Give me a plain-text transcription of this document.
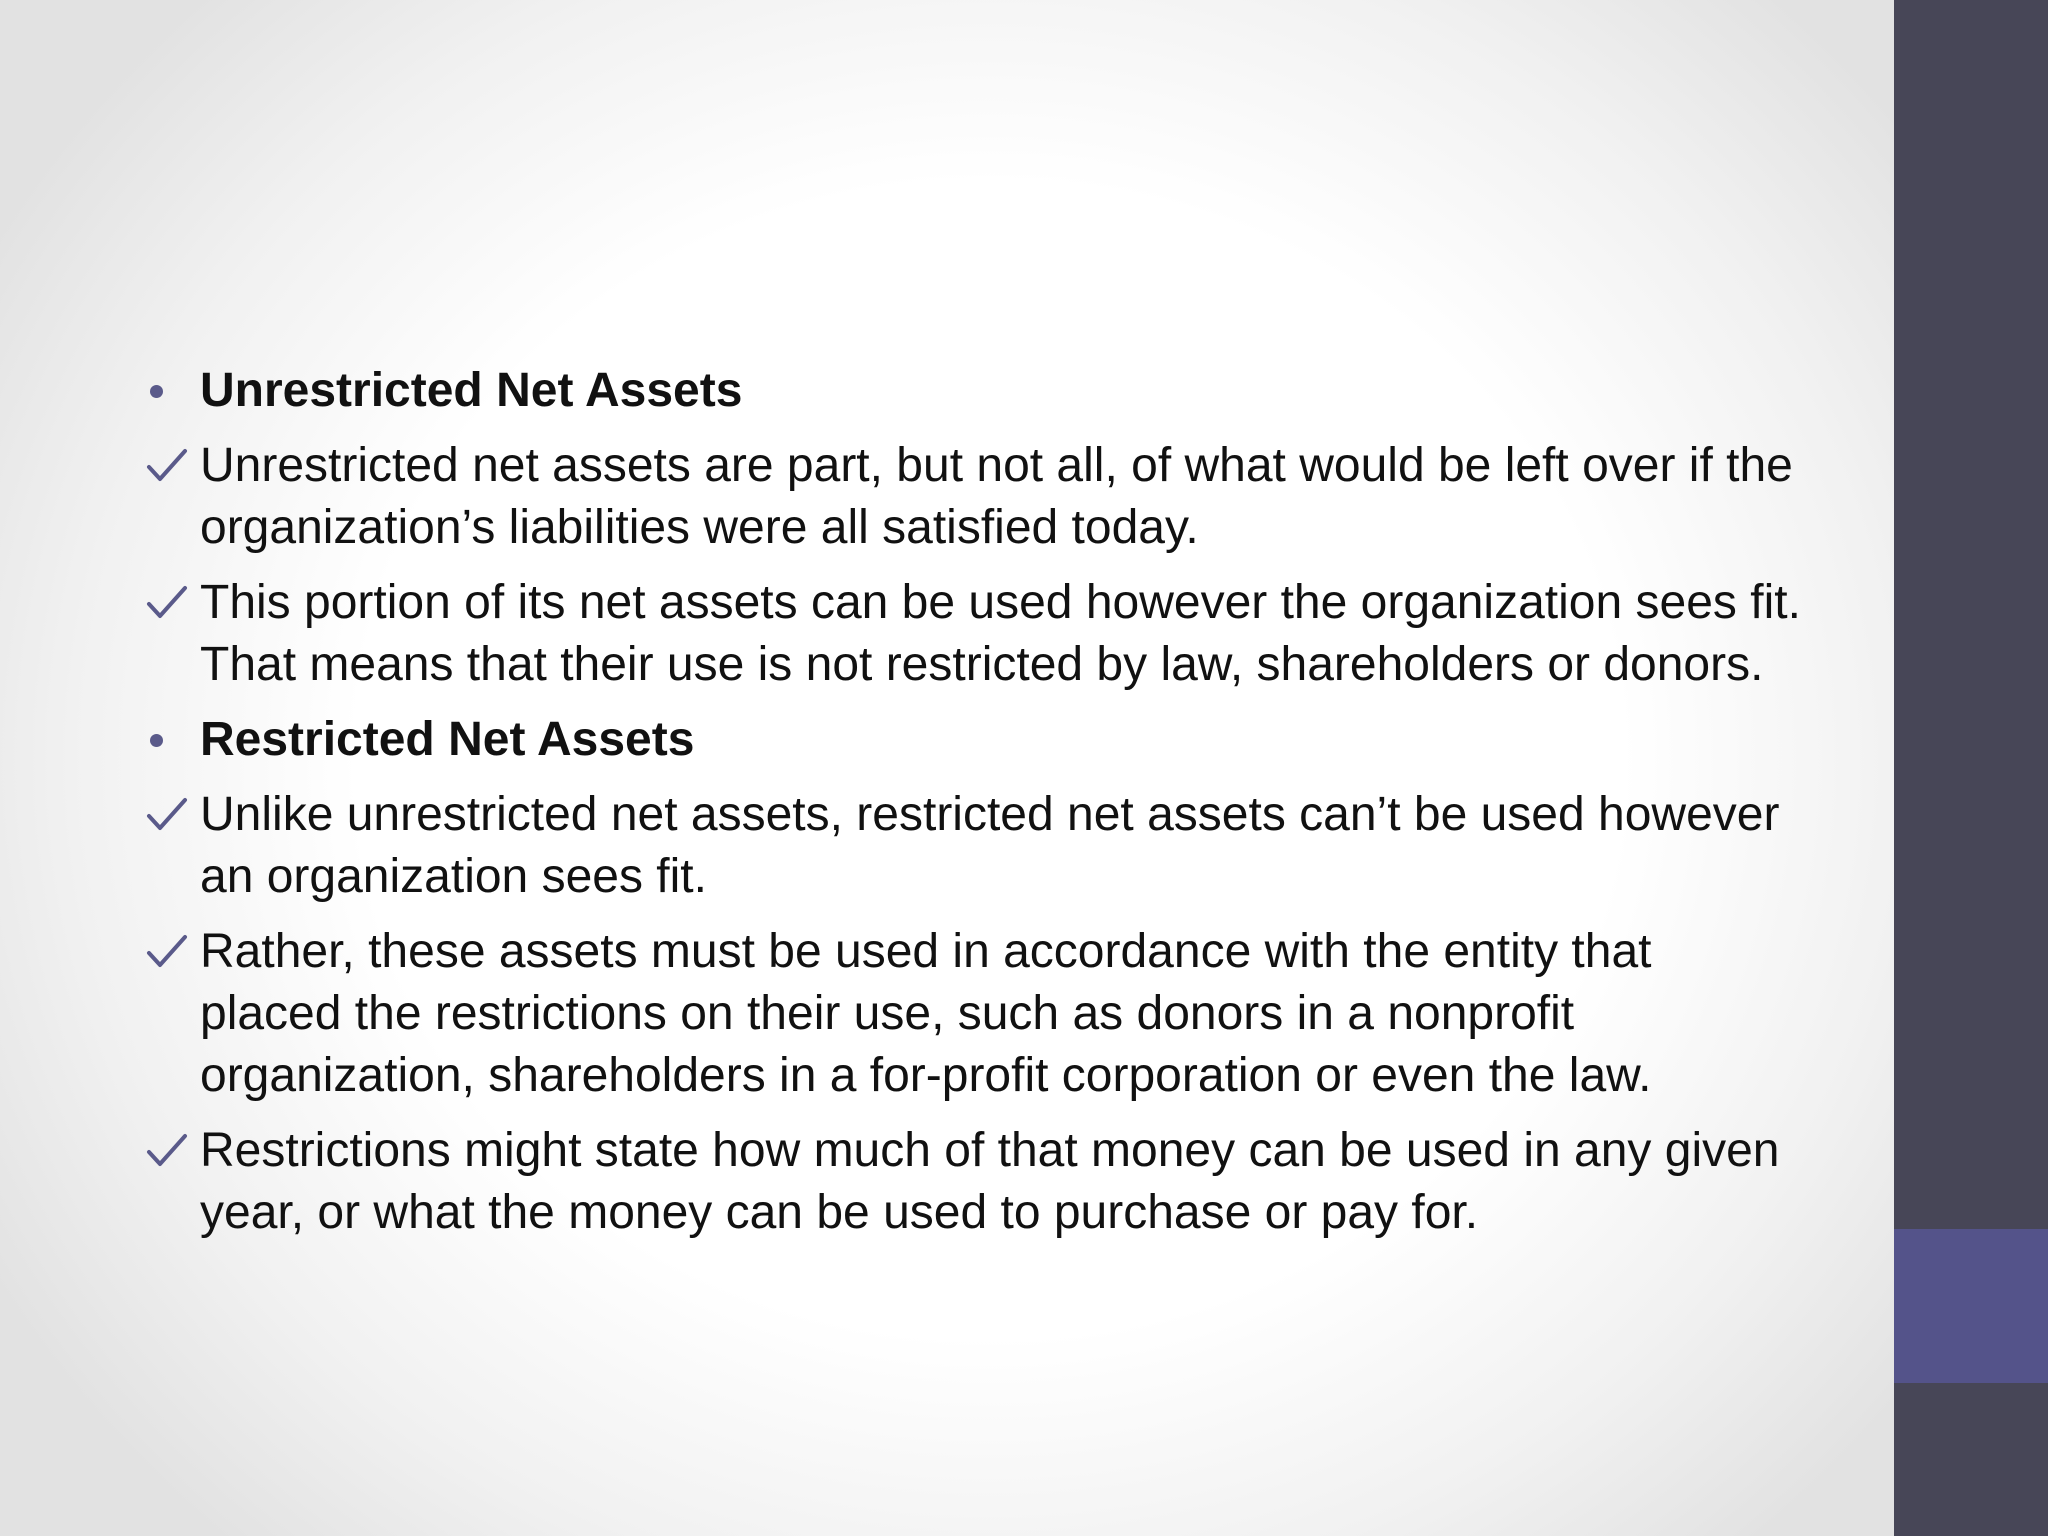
Unrestricted Net Assets
Unrestricted net assets are part, but not all, of what would be left over if the organization’s liabilities were all satisfied today.
This portion of its net assets can be used however the organization sees fit. That means that their use is not restricted by law, shareholders or donors.
Restricted Net Assets
Unlike unrestricted net assets, restricted net assets can’t be used however an organization sees fit.
Rather, these assets must be used in accordance with the entity that placed the restrictions on their use, such as donors in a nonprofit organization, shareholders in a for-profit corporation or even the law.
Restrictions might state how much of that money can be used in any given year, or what the money can be used to purchase or pay for.
